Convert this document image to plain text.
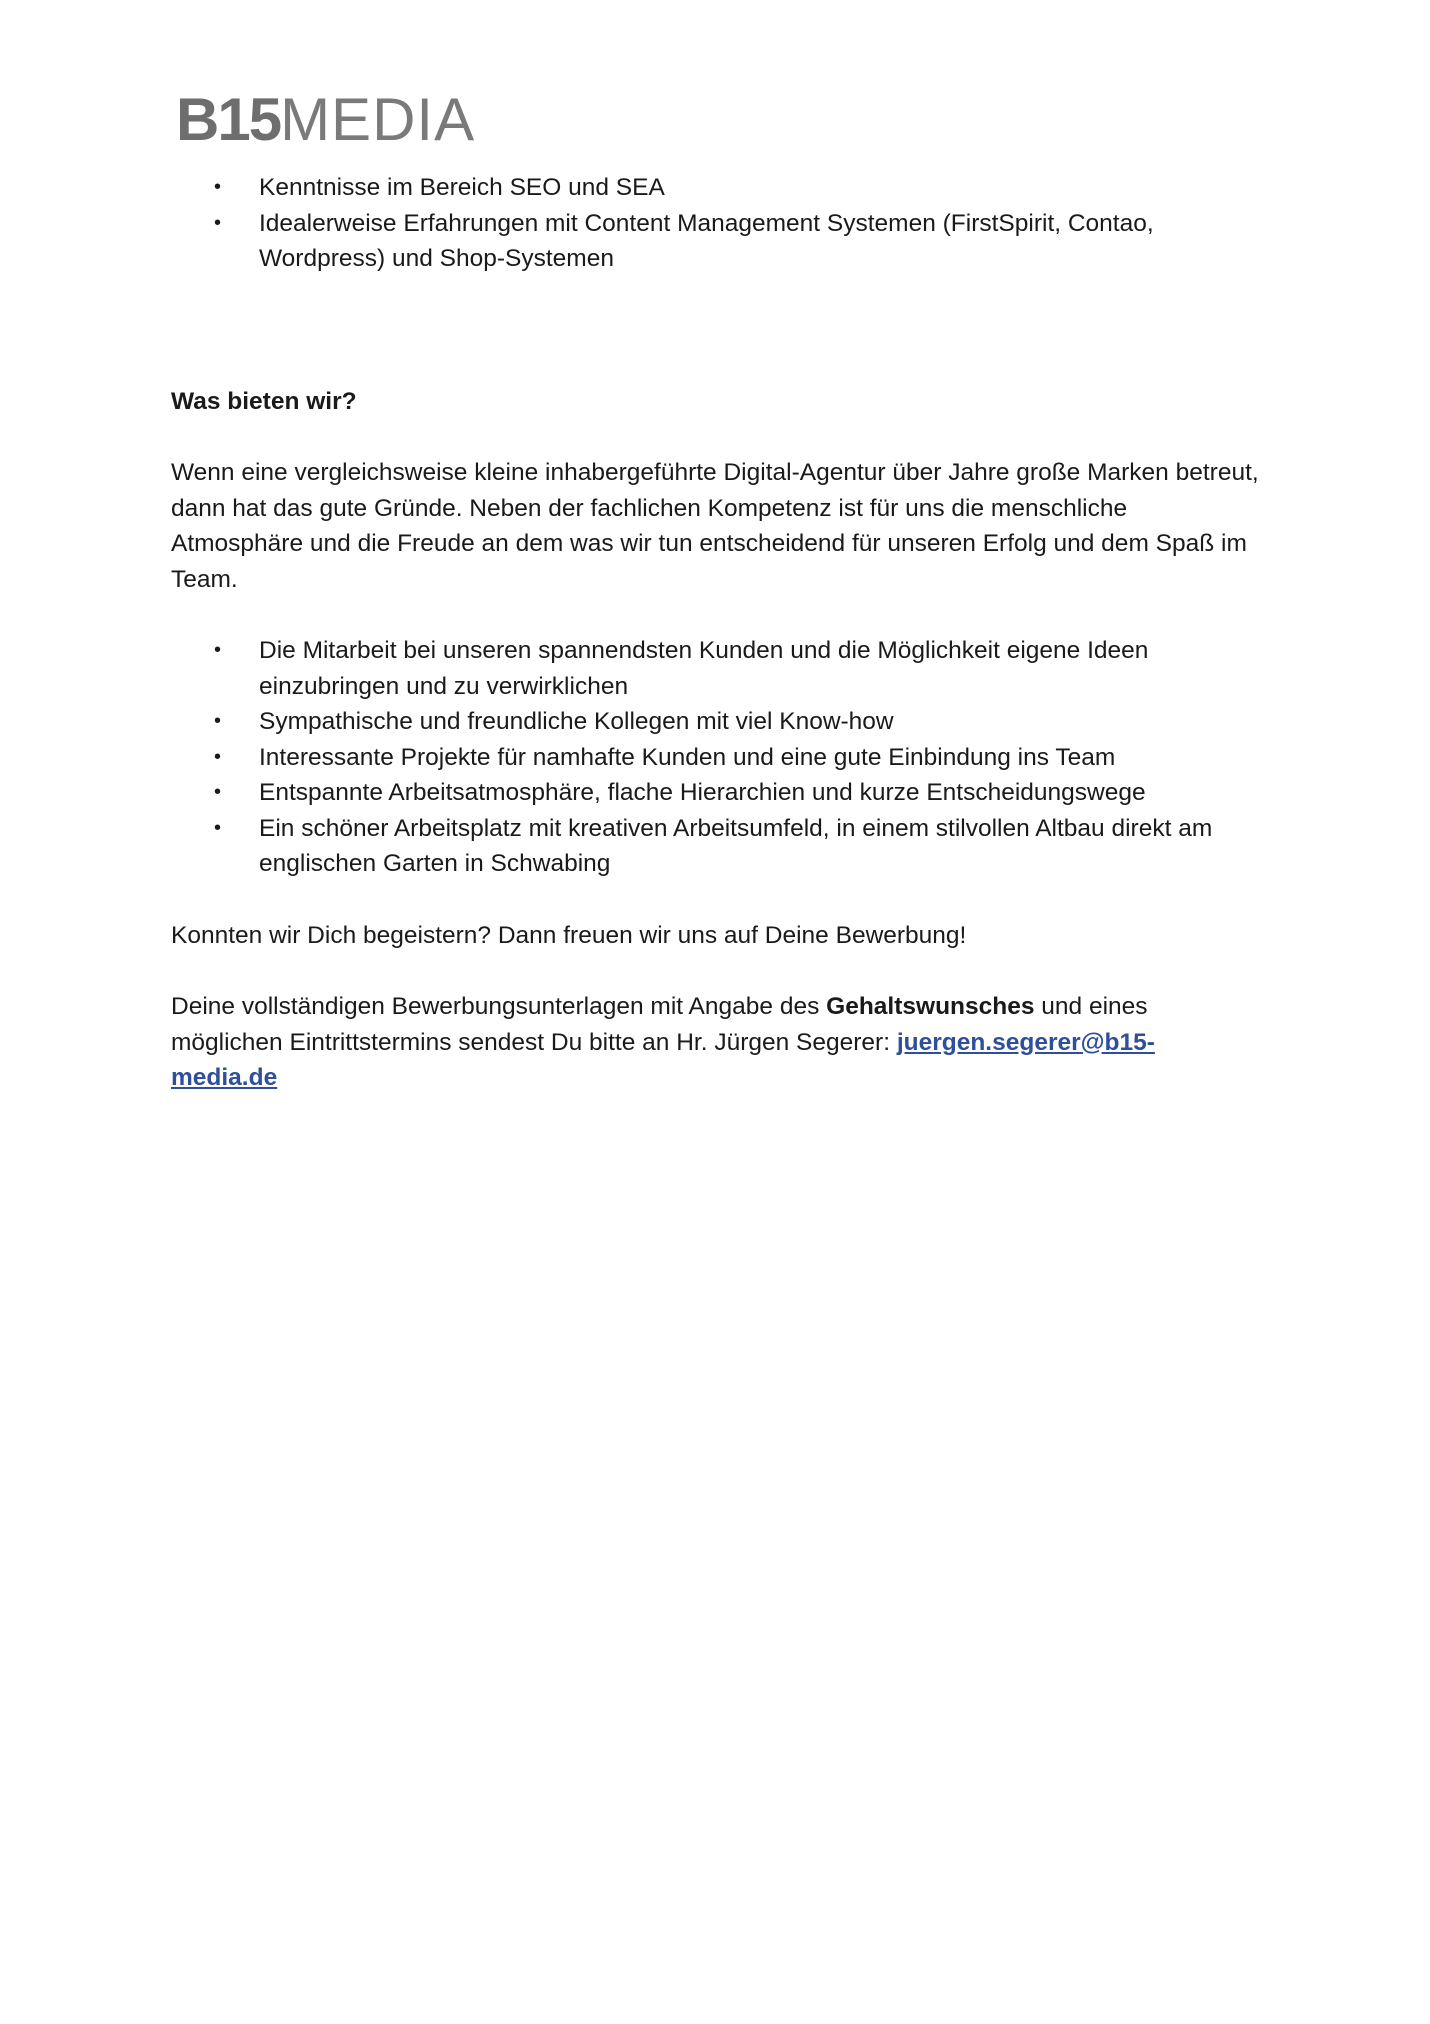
B15MEDIA
• Kenntnisse im Bereich SEO und SEA
• Idealerweise Erfahrungen mit Content Management Systemen (FirstSpirit, Contao, Wordpress) und Shop-Systemen

Was bieten wir?

Wenn eine vergleichsweise kleine inhabergeführte Digital-Agentur über Jahre große Marken betreut, dann hat das gute Gründe. Neben der fachlichen Kompetenz ist für uns die menschliche Atmosphäre und die Freude an dem was wir tun entscheidend für unseren Erfolg und dem Spaß im Team.

• Die Mitarbeit bei unseren spannendsten Kunden und die Möglichkeit eigene Ideen einzubringen und zu verwirklichen
• Sympathische und freundliche Kollegen mit viel Know-how
• Interessante Projekte für namhafte Kunden und eine gute Einbindung ins Team
• Entspannte Arbeitsatmosphäre, flache Hierarchien und kurze Entscheidungswege
• Ein schöner Arbeitsplatz mit kreativen Arbeitsumfeld, in einem stilvollen Altbau direkt am englischen Garten in Schwabing

Konnten wir Dich begeistern? Dann freuen wir uns auf Deine Bewerbung!

Deine vollständigen Bewerbungsunterlagen mit Angabe des Gehaltswunsches und eines möglichen Eintrittstermins sendest Du bitte an Hr. Jürgen Segerer: juergen.segerer@b15-media.de
